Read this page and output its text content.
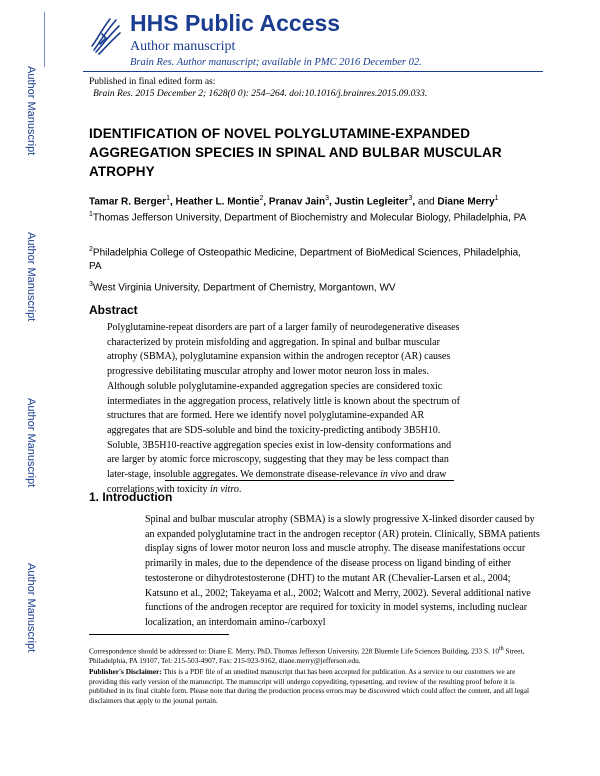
HHS Public Access
Author manuscript
Brain Res. Author manuscript; available in PMC 2016 December 02.
Author Manuscript
Author Manuscript
Author Manuscript
Author Manuscript
Published in final edited form as:
Brain Res. 2015 December 2; 1628(0 0): 254–264. doi:10.1016/j.brainres.2015.09.033.
IDENTIFICATION OF NOVEL POLYGLUTAMINE-EXPANDED AGGREGATION SPECIES IN SPINAL AND BULBAR MUSCULAR ATROPHY
Tamar R. Berger$^1$, Heather L. Montie$^2$, Pranav Jain$^3$, Justin Legleiter$^3$, and Diane Merry$^1$
$^1$Thomas Jefferson University, Department of Biochemistry and Molecular Biology, Philadelphia, PA
$^2$Philadelphia College of Osteopathic Medicine, Department of BioMedical Sciences, Philadelphia, PA
$^3$West Virginia University, Department of Chemistry, Morgantown, WV
Abstract
Polyglutamine-repeat disorders are part of a larger family of neurodegenerative diseases characterized by protein misfolding and aggregation. In spinal and bulbar muscular atrophy (SBMA), polyglutamine expansion within the androgen receptor (AR) causes progressive debilitating muscular atrophy and lower motor neuron loss in males. Although soluble polyglutamine-expanded aggregation species are considered toxic intermediates in the aggregation process, relatively little is known about the spectrum of structures that are formed. Here we identify novel polyglutamine-expanded AR aggregates that are SDS-soluble and bind the toxicity-predicting antibody 3B5H10. Soluble, 3B5H10-reactive aggregation species exist in low-density conformations and are larger by atomic force microscopy, suggesting that they may be less compact than later-stage, insoluble aggregates. We demonstrate disease-relevance in vivo and draw correlations with toxicity in vitro.
1. Introduction
Spinal and bulbar muscular atrophy (SBMA) is a slowly progressive X-linked disorder caused by an expanded polyglutamine tract in the androgen receptor (AR) protein. Clinically, SBMA patients display signs of lower motor neuron loss and muscle atrophy. The disease manifestations occur primarily in males, due to the dependence of the disease process on ligand binding of either testosterone or dihydrotestosterone (DHT) to the mutant AR (Chevalier-Larsen et al., 2004; Katsuno et al., 2002; Takeyama et al., 2002; Walcott and Merry, 2002). Several additional native functions of the androgen receptor are required for toxicity in model systems, including nuclear localization, an interdomain amino-/carboxyl
Correspondence should be addressed to: Diane E. Merry, PhD, Thomas Jefferson University, 228 Bluemle Life Sciences Building, 233 S. 10th Street, Philadelphia, PA 19107, Tel: 215-503-4907, Fax: 215-923-9162, diane.merry@jefferson.edu.
Publisher's Disclaimer: This is a PDF file of an unedited manuscript that has been accepted for publication. As a service to our customers we are providing this early version of the manuscript. The manuscript will undergo copyediting, typesetting, and review of the resulting proof before it is published in its final citable form. Please note that during the production process errors may be discovered which could affect the content, and all legal disclaimers that apply to the journal pertain.
